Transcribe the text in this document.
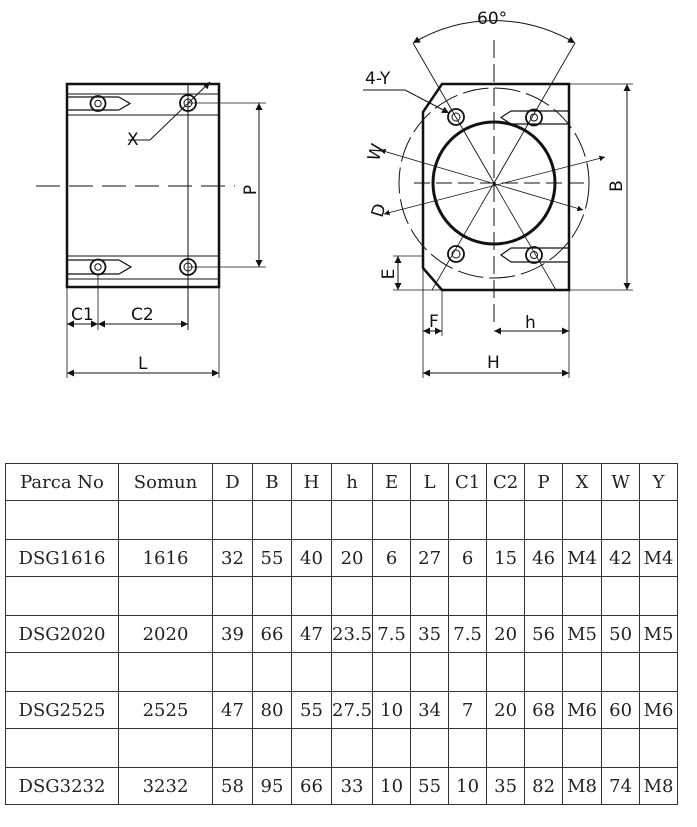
X
P
C1 C2
L
60°
4-Y
W
D
B
E
F	h
H
Parca No	Somun	D	B	H	h	E	L	C1	C2	P	X	W	Y

DSG1616	1616	32	55	40	20	6	27	6	15	46	M4	42	M4

DSG2020	2020	39	66	47	23.5	7.5	35	7.5	20	56	M5	50	M5

DSG2525	2525	47	80	55	27.5	10	34	7	20	68	M6	60	M6

DSG3232	3232	58	95	66	33	10	55	10	35	82	M8	74	M8
